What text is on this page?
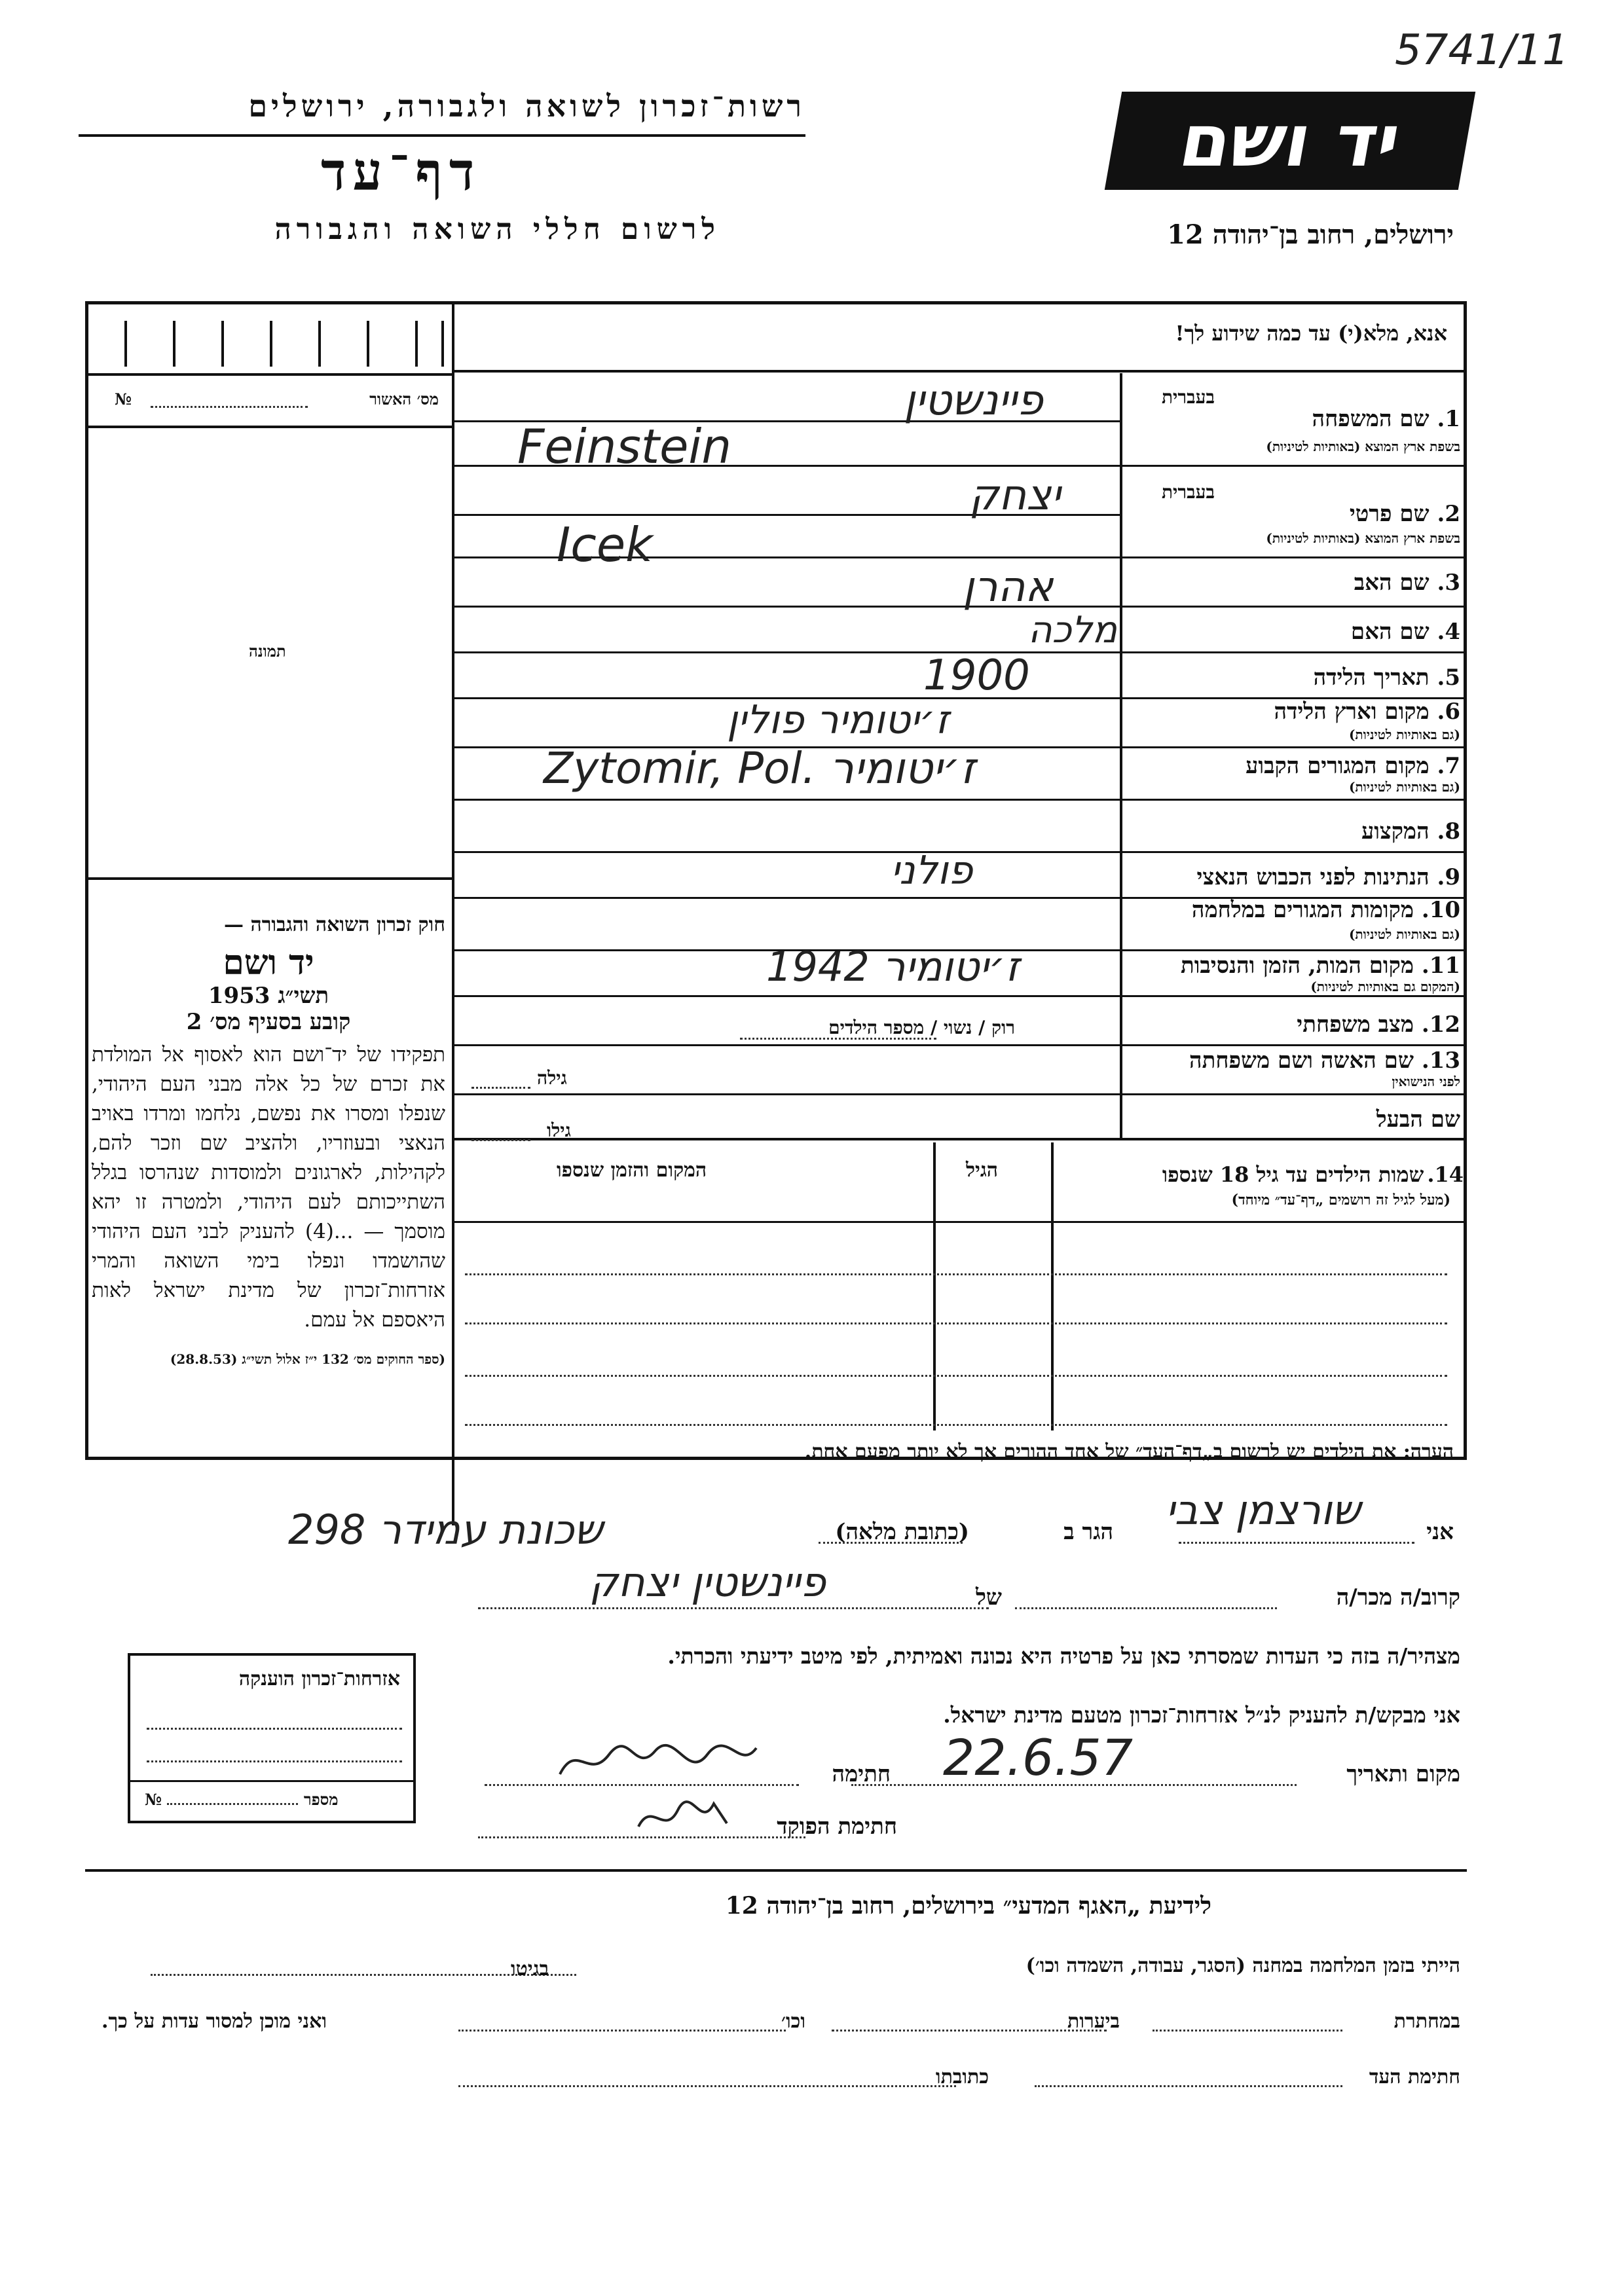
5741/11
רשות־זכרון לשואה ולגבורה, ירושלים
דף־עד
לרשום חללי השואה והגבורה
יד ושם
ירושלים, רחוב בן־יהודה 12
מס׳ האשור
№
תמונה
חוק זכרון השואה והגבורה —
יד ושם
תשי״ג 1953
קובע בסעיף מס׳ 2
תפקידו של יד־ושם הוא לאסוף אל המולדת את זכרם של כל אלה מבני העם היהודי, שנפלו ומסרו את נפשם, נלחמו ומרדו באויב הנאצי ובעוזריו, ולהציב שם וזכר להם, לקהילות, לארגונים ולמוסדות שנהרסו בגלל השתייכותם לעם היהודי, ולמטרה זו יהא מוסמך — ...(4) להעניק לבני העם היהודי שהושמדו ונפלו בימי השואה והמרי אזרחות־זכרון של מדינת ישראל לאות היאספם אל עמם.
(ספר החוקים מס׳ 132 י״ז אלול תשי״ג (28.8.53)
אנא, מלא(י) עד כמה שידוע לך!
בעברית
בעברית
1. שם המשפחה
בשפת ארץ המוצא (באותיות לטיניות)
2. שם פרטי
בשפת ארץ המוצא (באותיות לטיניות)
3. שם האב
4. שם האם
5. תאריך הלידה
6. מקום וארץ הלידה
(גם באותיות לטיניות)
7. מקום המגורים הקבוע
(גם באותיות לטיניות)
8. המקצוע
9. הנתינות לפני הכבוש הנאצי
10. מקומות המגורים במלחמה
(גם באותיות לטיניות)
11. מקום המות, הזמן והנסיבות
(המקום גם באותיות לטיניות)
12. מצב משפחתי
13. שם האשה ושם משפחתה
לפני הנישואין
שם הבעל
רוק / נשוי / מספר הילדים
גילה
גילו
פיינשטין
Feinstein
יצחק
Icek
אהרן
מלכה
1900
ז׳יטומיר פולין
Zytomir, Pol. ז׳יטומיר
פולני
ז׳יטומיר 1942
14. שמות הילדים עד גיל 18 שנספו
(מעל לגיל זה רושמים „דף־עד״ מיוחד)
הגיל
המקום והזמן שנספו
הערה: את הילדים יש לרשום ב„דף־העד״ של אחד ההורים אך לא יותר מפעם אחת.
אני
שורצמן צבי
הגר ב
(כתובת מלאה)
שכונת עמידר 298
קרוב/ה מכר/ה
של
פיינשטין יצחק
מצהיר/ה בזה כי העדות שמסרתי כאן על פרטיה היא נכונה ואמיתית, לפי מיטב ידיעתי והכרתי.
אני מבקש/ת להעניק לנ״ל אזרחות־זכרון מטעם מדינת ישראל.
מקום ותאריך
22.6.57
חתימה
חתימת הפוקד
אזרחות־זכרון הוענקה
№	מספר
לידיעת „האגף המדעי״ בירושלים, רחוב בן־יהודה 12
הייתי בזמן המלחמה במחנה (הסגר, עבודה, השמדה וכו׳)
בגיטו
במחתרת
ביערות
וכו׳
ואני מוכן למסור עדות על כך.
חתימת העד
כתובתו
